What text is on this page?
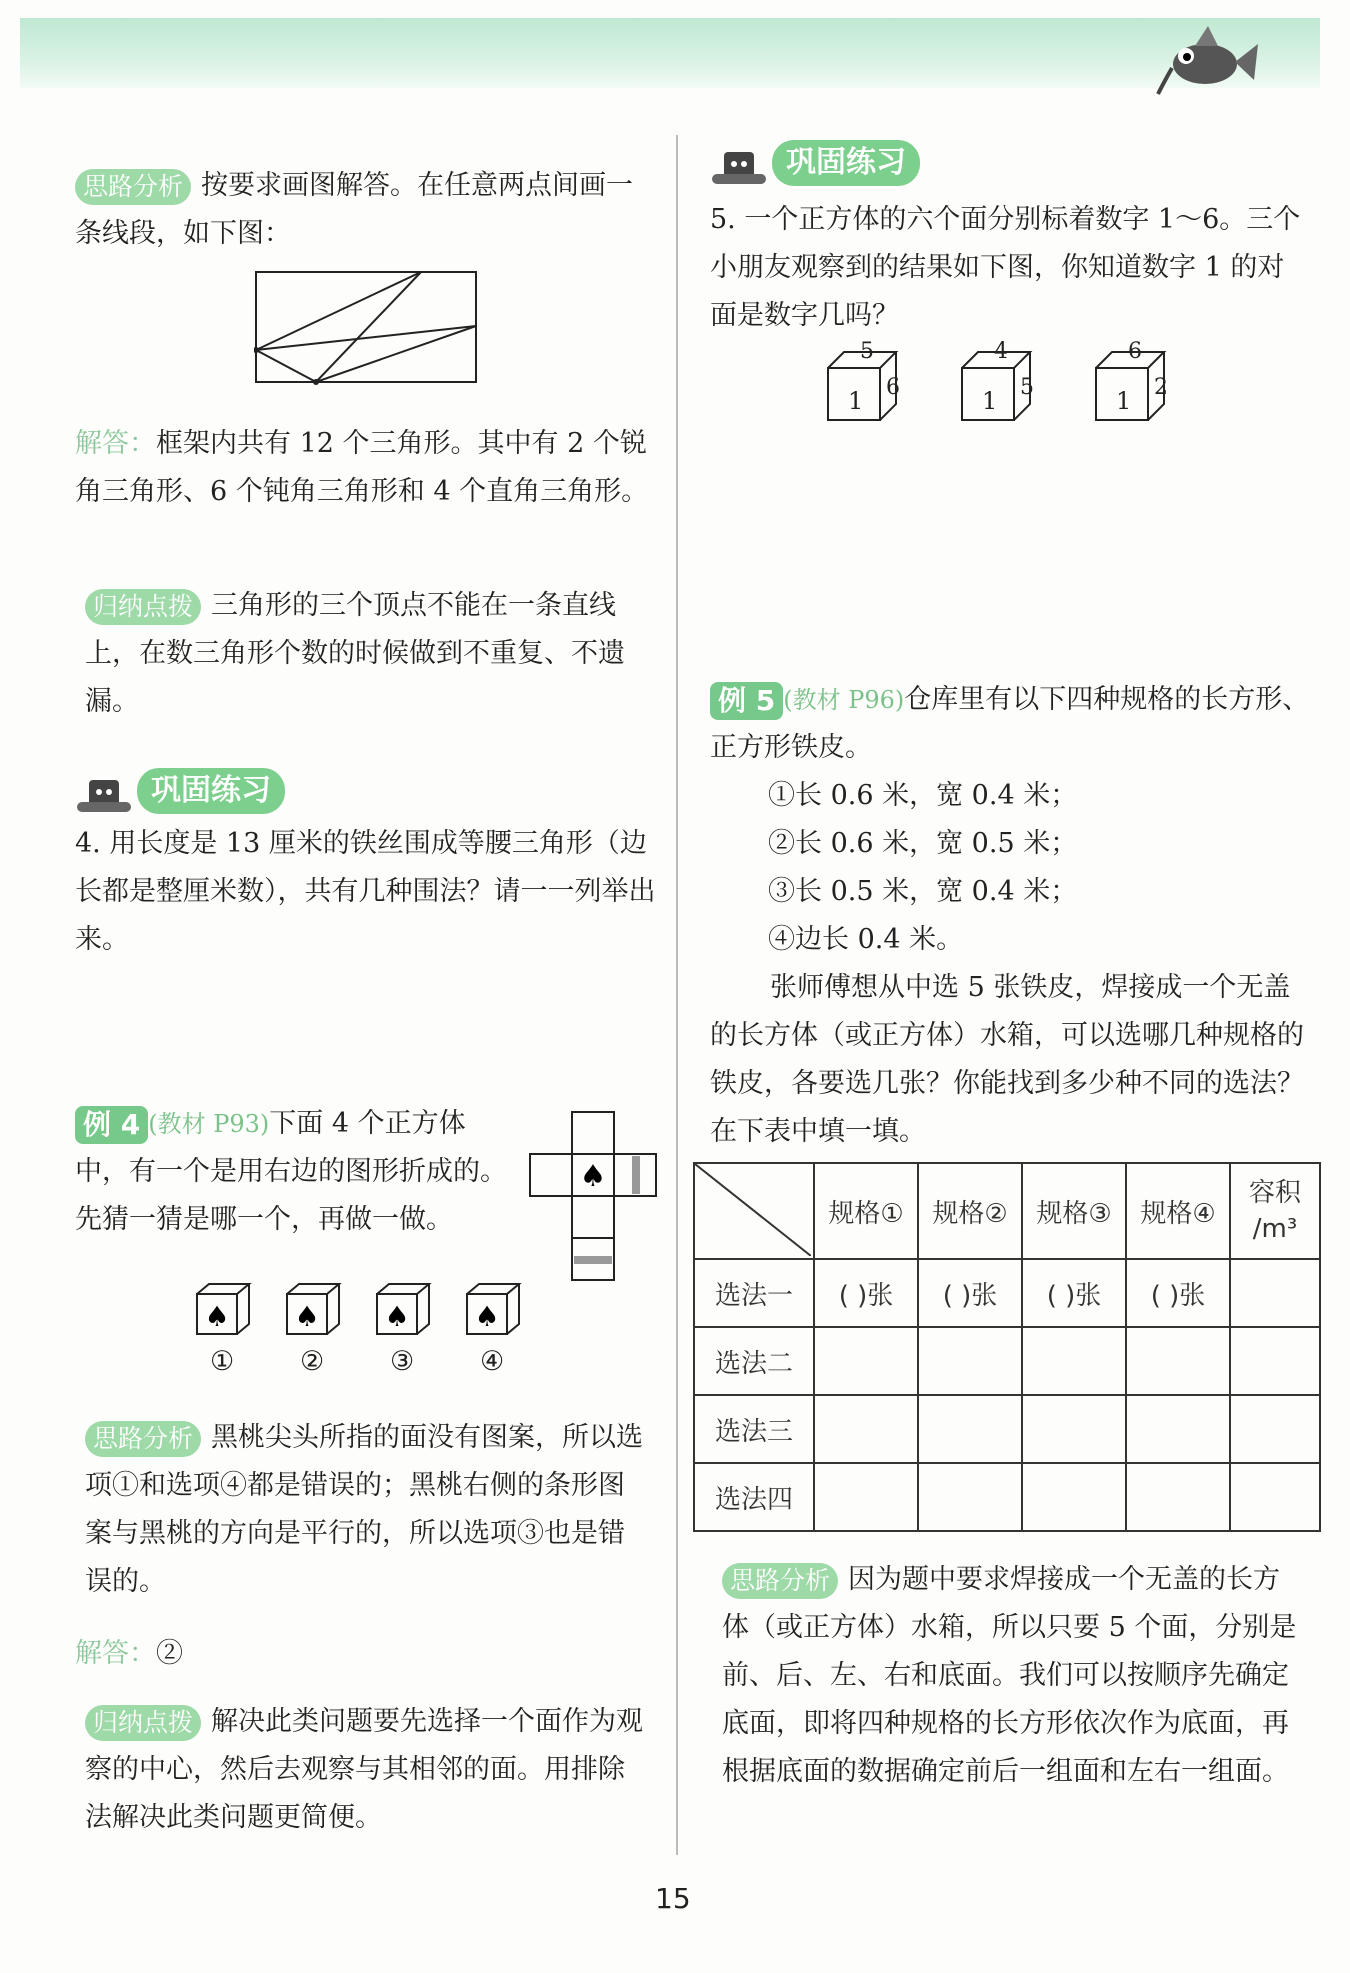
思路分析 按要求画图解答。在任意两点间画一条线段，如下图：
解答：框架内共有 12 个三角形。其中有 2 个锐角三角形、6 个钝角三角形和 4 个直角三角形。
归纳点拨 三角形的三个顶点不能在一条直线上，在数三角形个数的时候做到不重复、不遗漏。
巩固练习
4. 用长度是 13 厘米的铁丝围成等腰三角形（边长都是整厘米数），共有几种围法？请一一列举出来。
例 4 (教材 P93)下面 4 个正方体中，有一个是用右边的图形折成的。先猜一猜是哪一个，再做一做。
♠
♠ ♠ ♠ ♠
① ② ③ ④
思路分析 黑桃尖头所指的面没有图案，所以选项①和选项④都是错误的；黑桃右侧的条形图案与黑桃的方向是平行的，所以选项③也是错误的。
解答：②
归纳点拨 解决此类问题要先选择一个面作为观察的中心，然后去观察与其相邻的面。用排除法解决此类问题更简便。
巩固练习
5. 一个正方体的六个面分别标着数字 1～6。三个小朋友观察到的结果如下图，你知道数字 1 的对面是数字几吗？
5
1 6
4
1 5
6
1 2
例 5 (教材 P96)仓库里有以下四种规格的长方形、正方形铁皮。
①长 0.6 米，宽 0.4 米；
②长 0.6 米，宽 0.5 米；
③长 0.5 米，宽 0.4 米；
④边长 0.4 米。
张师傅想从中选 5 张铁皮，焊接成一个无盖的长方体（或正方体）水箱，可以选哪几种规格的铁皮，各要选几张？你能找到多少种不同的选法？在下表中填一填。
	规格①	规格②	规格③	规格④	容积
/m³

选法一	( )张	( )张	( )张	( )张	
选法二					
选法三					
选法四					
思路分析 因为题中要求焊接成一个无盖的长方体（或正方体）水箱，所以只要 5 个面，分别是前、后、左、右和底面。我们可以按顺序先确定底面，即将四种规格的长方形依次作为底面，再根据底面的数据确定前后一组面和左右一组面。
15
